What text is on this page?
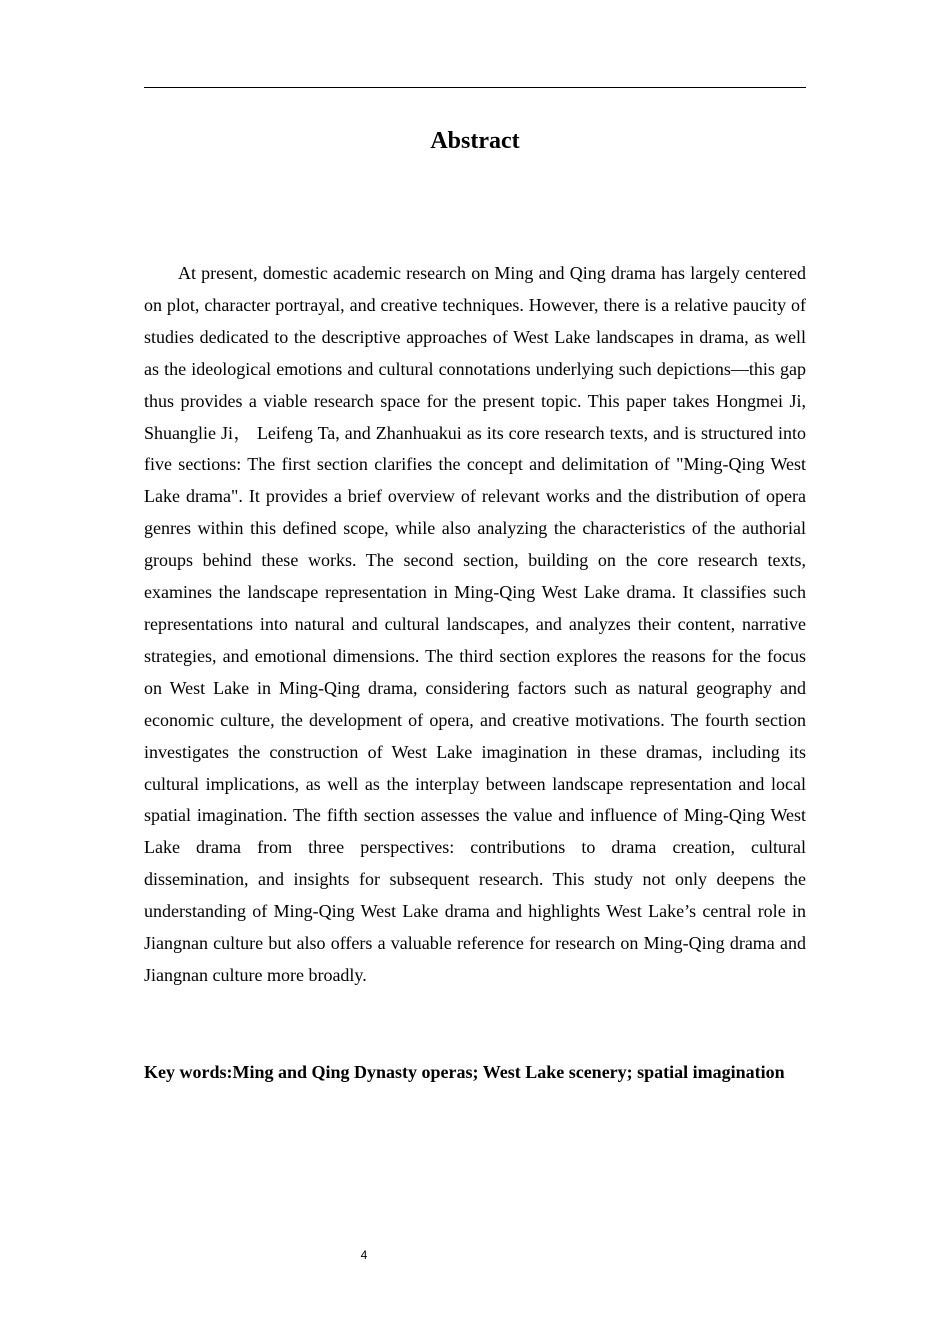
Abstract

At present, domestic academic research on Ming and Qing drama has largely centered on plot, character portrayal, and creative techniques. However, there is a relative paucity of studies dedicated to the descriptive approaches of West Lake landscapes in drama, as well as the ideological emotions and cultural connotations underlying such depictions—this gap thus provides a viable research space for the present topic. This paper takes Hongmei Ji, Shuanglie Ji， Leifeng Ta, and Zhanhuakui as its core research texts, and is structured into five sections: The first section clarifies the concept and delimitation of "Ming-Qing West Lake drama". It provides a brief overview of relevant works and the distribution of opera genres within this defined scope, while also analyzing the characteristics of the authorial groups behind these works. The second section, building on the core research texts, examines the landscape representation in Ming-Qing West Lake drama. It classifies such representations into natural and cultural landscapes, and analyzes their content, narrative strategies, and emotional dimensions. The third section explores the reasons for the focus on West Lake in Ming-Qing drama, considering factors such as natural geography and economic culture, the development of opera, and creative motivations. The fourth section investigates the construction of West Lake imagination in these dramas, including its cultural implications, as well as the interplay between landscape representation and local spatial imagination. The fifth section assesses the value and influence of Ming-Qing West Lake drama from three perspectives: contributions to drama creation, cultural dissemination, and insights for subsequent research. This study not only deepens the understanding of Ming-Qing West Lake drama and highlights West Lake’s central role in Jiangnan culture but also offers a valuable reference for research on Ming-Qing drama and Jiangnan culture more broadly.

Key words:Ming and Qing Dynasty operas; West Lake scenery; spatial imagination

4
